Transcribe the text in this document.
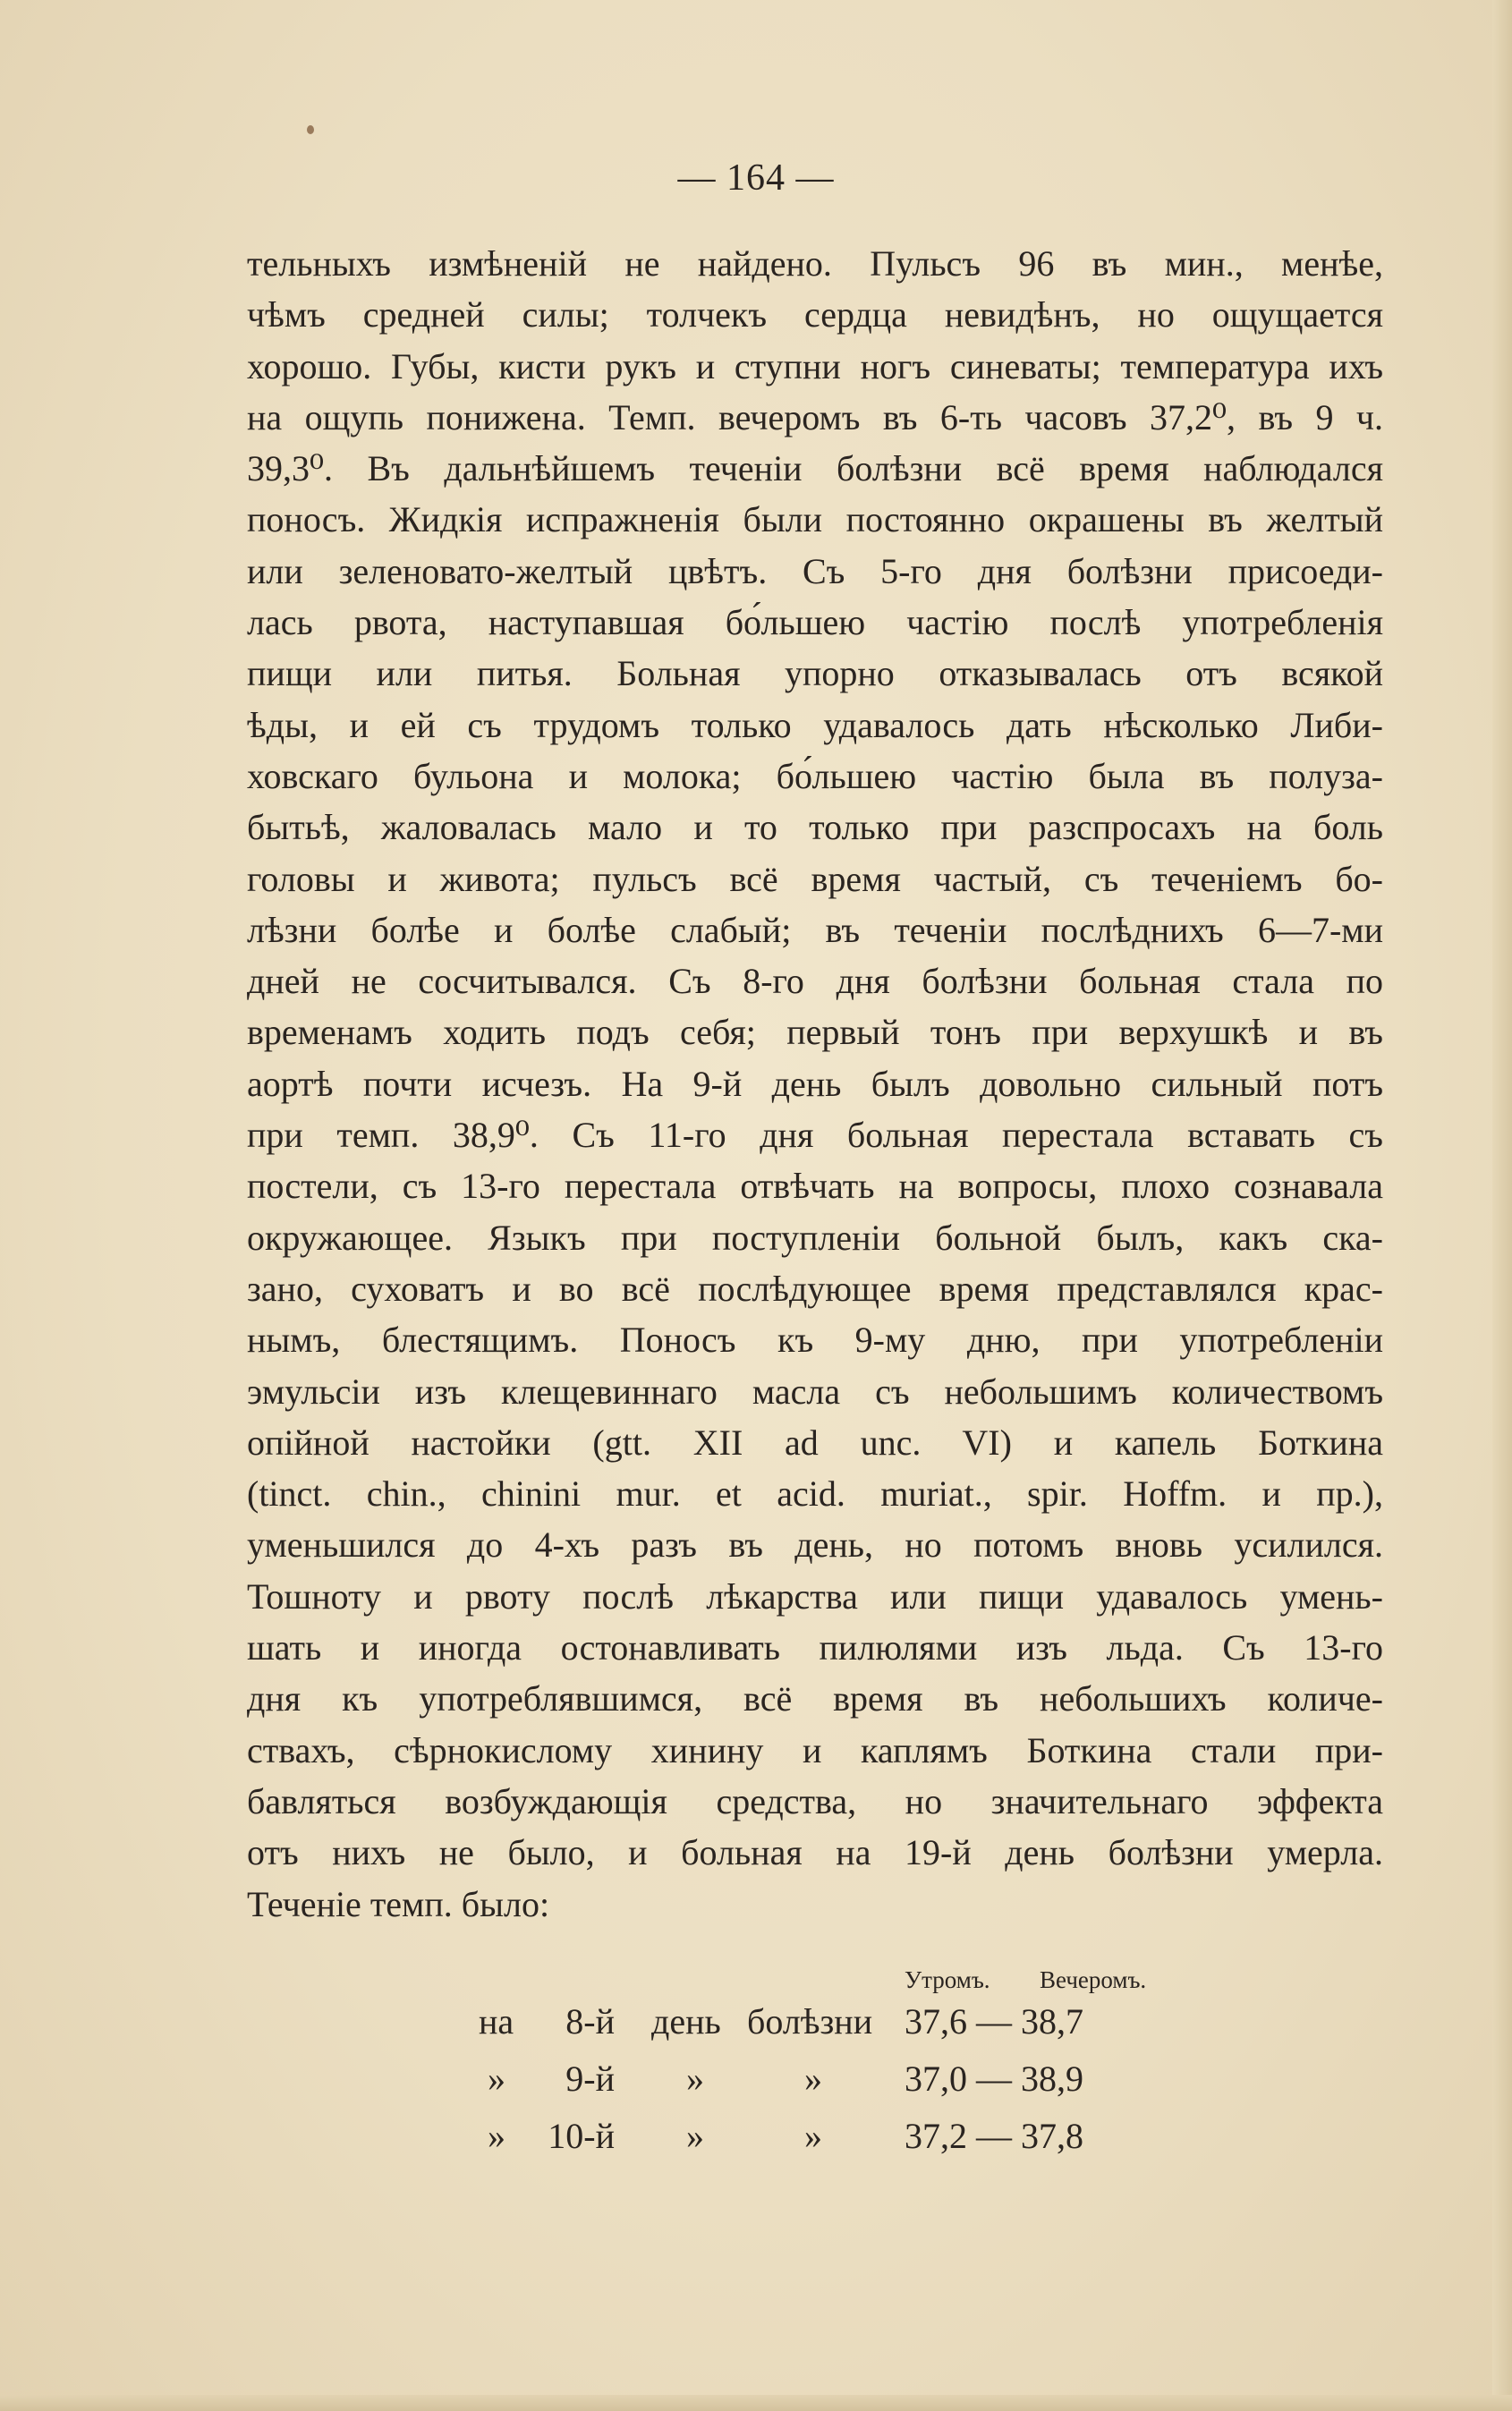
— 164 —
тельныхъ измѣненій не найдено. Пульсъ 96 въ мин., менѣе,
чѣмъ средней силы; толчекъ сердца невидѣнъ, но ощущается
хорошо. Губы, кисти рукъ и ступни ногъ синеваты; температура ихъ
на ощупь понижена. Темп. вечеромъ въ 6-ть часовъ 37,2⁰, въ 9 ч.
39,3⁰. Въ дальнѣйшемъ теченіи болѣзни всё время наблюдался
поносъ. Жидкія испражненія были постоянно окрашены въ желтый
или зеленовато-желтый цвѣтъ. Съ 5-го дня болѣзни присоеди-
лась рвота, наступавшая бо́льшею частію послѣ употребленія
пищи или питья. Больная упорно отказывалась отъ всякой
ѣды, и ей съ трудомъ только удавалось дать нѣсколько Либи-
ховскаго бульона и молока; бо́льшею частію была въ полуза-
бытьѣ, жаловалась мало и то только при разспросахъ на боль
головы и живота; пульсъ всё время частый, съ теченіемъ бо-
лѣзни болѣе и болѣе слабый; въ теченіи послѣднихъ 6—7-ми
дней не сосчитывался. Съ 8-го дня болѣзни больная стала по
временамъ ходить подъ себя; первый тонъ при верхушкѣ и въ
аортѣ почти исчезъ. На 9-й день былъ довольно сильный потъ
при темп. 38,9⁰. Съ 11-го дня больная перестала вставать съ
постели, съ 13-го перестала отвѣчать на вопросы, плохо сознавала
окружающее. Языкъ при поступленіи больной былъ, какъ ска-
зано, суховатъ и во всё послѣдующее время представлялся крас-
нымъ, блестящимъ. Поносъ къ 9-му дню, при употребленіи
эмульсіи изъ клещевиннаго масла съ небольшимъ количествомъ
опійной настойки (gtt. XII ad unc. VI) и капель Боткина
(tinct. chin., chinini mur. et acid. muriat., spir. Hoffm. и пр.),
уменьшился до 4-хъ разъ въ день, но потомъ вновь усилился.
Тошноту и рвоту послѣ лѣкарства или пищи удавалось умень-
шать и иногда остонавливать пилюлями изъ льда. Съ 13-го
дня къ употреблявшимся, всё время въ небольшихъ количе-
ствахъ, сѣрнокислому хинину и каплямъ Боткина стали при-
бавляться возбуждающія средства, но значительнаго эффекта
отъ нихъ не было, и больная на 19-й день болѣзни умерла.
Теченіе темп. было:
Утромъ. Вечеромъ.
на	8-й день болѣзни 37,6 — 38,7
»	9-й »	» 37,0 — 38,9
»	10-й »	» 37,2 — 37,8
